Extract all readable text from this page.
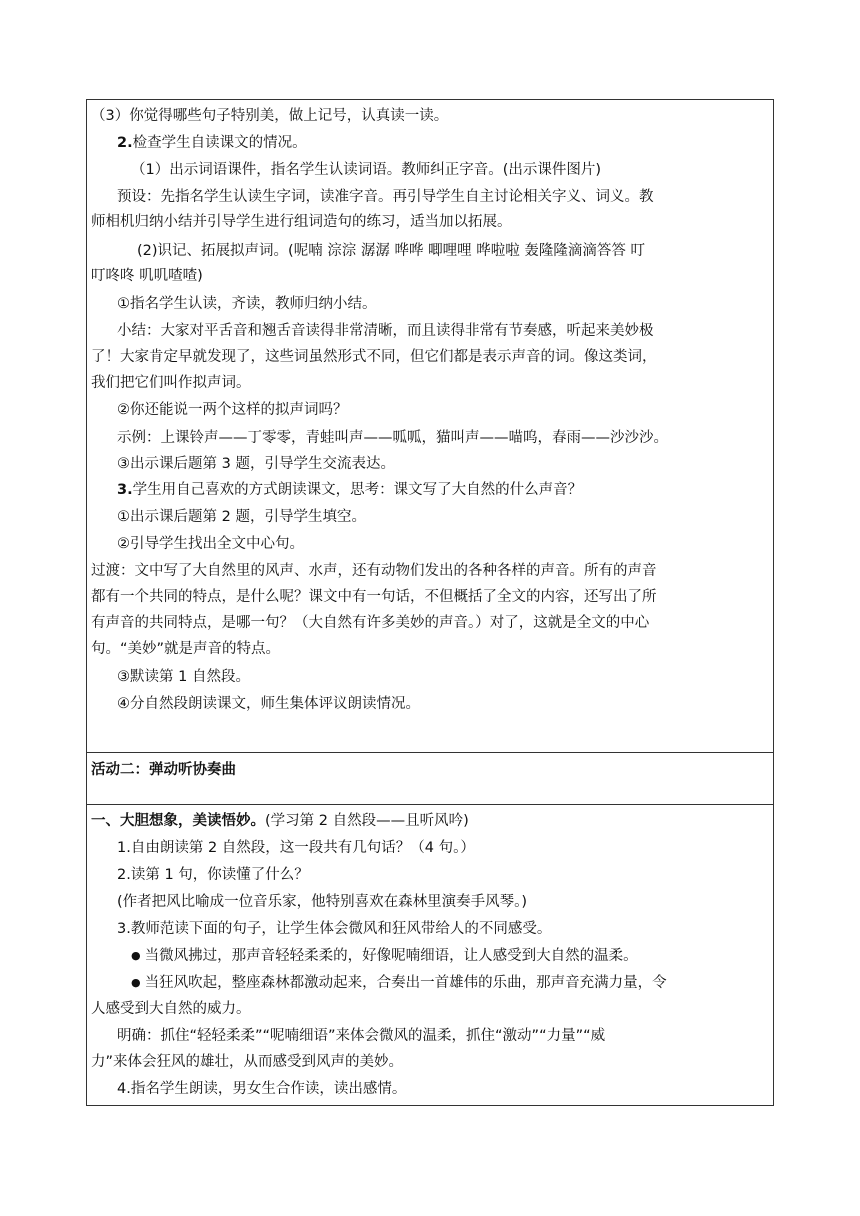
（3）你觉得哪些句子特别美，做上记号，认真读一读。
2.检查学生自读课文的情况。
（1）出示词语课件，指名学生认读词语。教师纠正字音。(出示课件图片)
预设：先指名学生认读生字词，读准字音。再引导学生自主讨论相关字义、词义。教
师相机归纳小结并引导学生进行组词造句的练习，适当加以拓展。
(2)识记、拓展拟声词。(呢喃 淙淙 潺潺 哗哗 唧哩哩 哗啦啦 轰隆隆滴滴答答 叮
叮咚咚 叽叽喳喳)
①指名学生认读，齐读，教师归纳小结。
小结：大家对平舌音和翘舌音读得非常清晰，而且读得非常有节奏感，听起来美妙极
了！大家肯定早就发现了，这些词虽然形式不同，但它们都是表示声音的词。像这类词，
我们把它们叫作拟声词。
②你还能说一两个这样的拟声词吗？
示例：上课铃声——丁零零，青蛙叫声——呱呱，猫叫声——喵呜，春雨——沙沙沙。
③出示课后题第 3 题，引导学生交流表达。
3.学生用自己喜欢的方式朗读课文，思考：课文写了大自然的什么声音？
①出示课后题第 2 题，引导学生填空。
②引导学生找出全文中心句。
过渡：文中写了大自然里的风声、水声，还有动物们发出的各种各样的声音。所有的声音
都有一个共同的特点，是什么呢？课文中有一句话，不但概括了全文的内容，还写出了所
有声音的共同特点，是哪一句？（大自然有许多美妙的声音。）对了，这就是全文的中心
句。“美妙”就是声音的特点。
③默读第 1 自然段。
④分自然段朗读课文，师生集体评议朗读情况。
活动二：弹动听协奏曲
一、大胆想象，美读悟妙。(学习第 2 自然段——且听风吟)
1.自由朗读第 2 自然段，这一段共有几句话？（4 句。）
2.读第 1 句，你读懂了什么？
(作者把风比喻成一位音乐家，他特别喜欢在森林里演奏手风琴。)
3.教师范读下面的句子，让学生体会微风和狂风带给人的不同感受。
● 当微风拂过，那声音轻轻柔柔的，好像呢喃细语，让人感受到大自然的温柔。
● 当狂风吹起，整座森林都激动起来，合奏出一首雄伟的乐曲，那声音充满力量，令
人感受到大自然的威力。
明确：抓住“轻轻柔柔”“呢喃细语”来体会微风的温柔，抓住“激动”“力量”“威
力”来体会狂风的雄壮，从而感受到风声的美妙。
4.指名学生朗读，男女生合作读，读出感情。
